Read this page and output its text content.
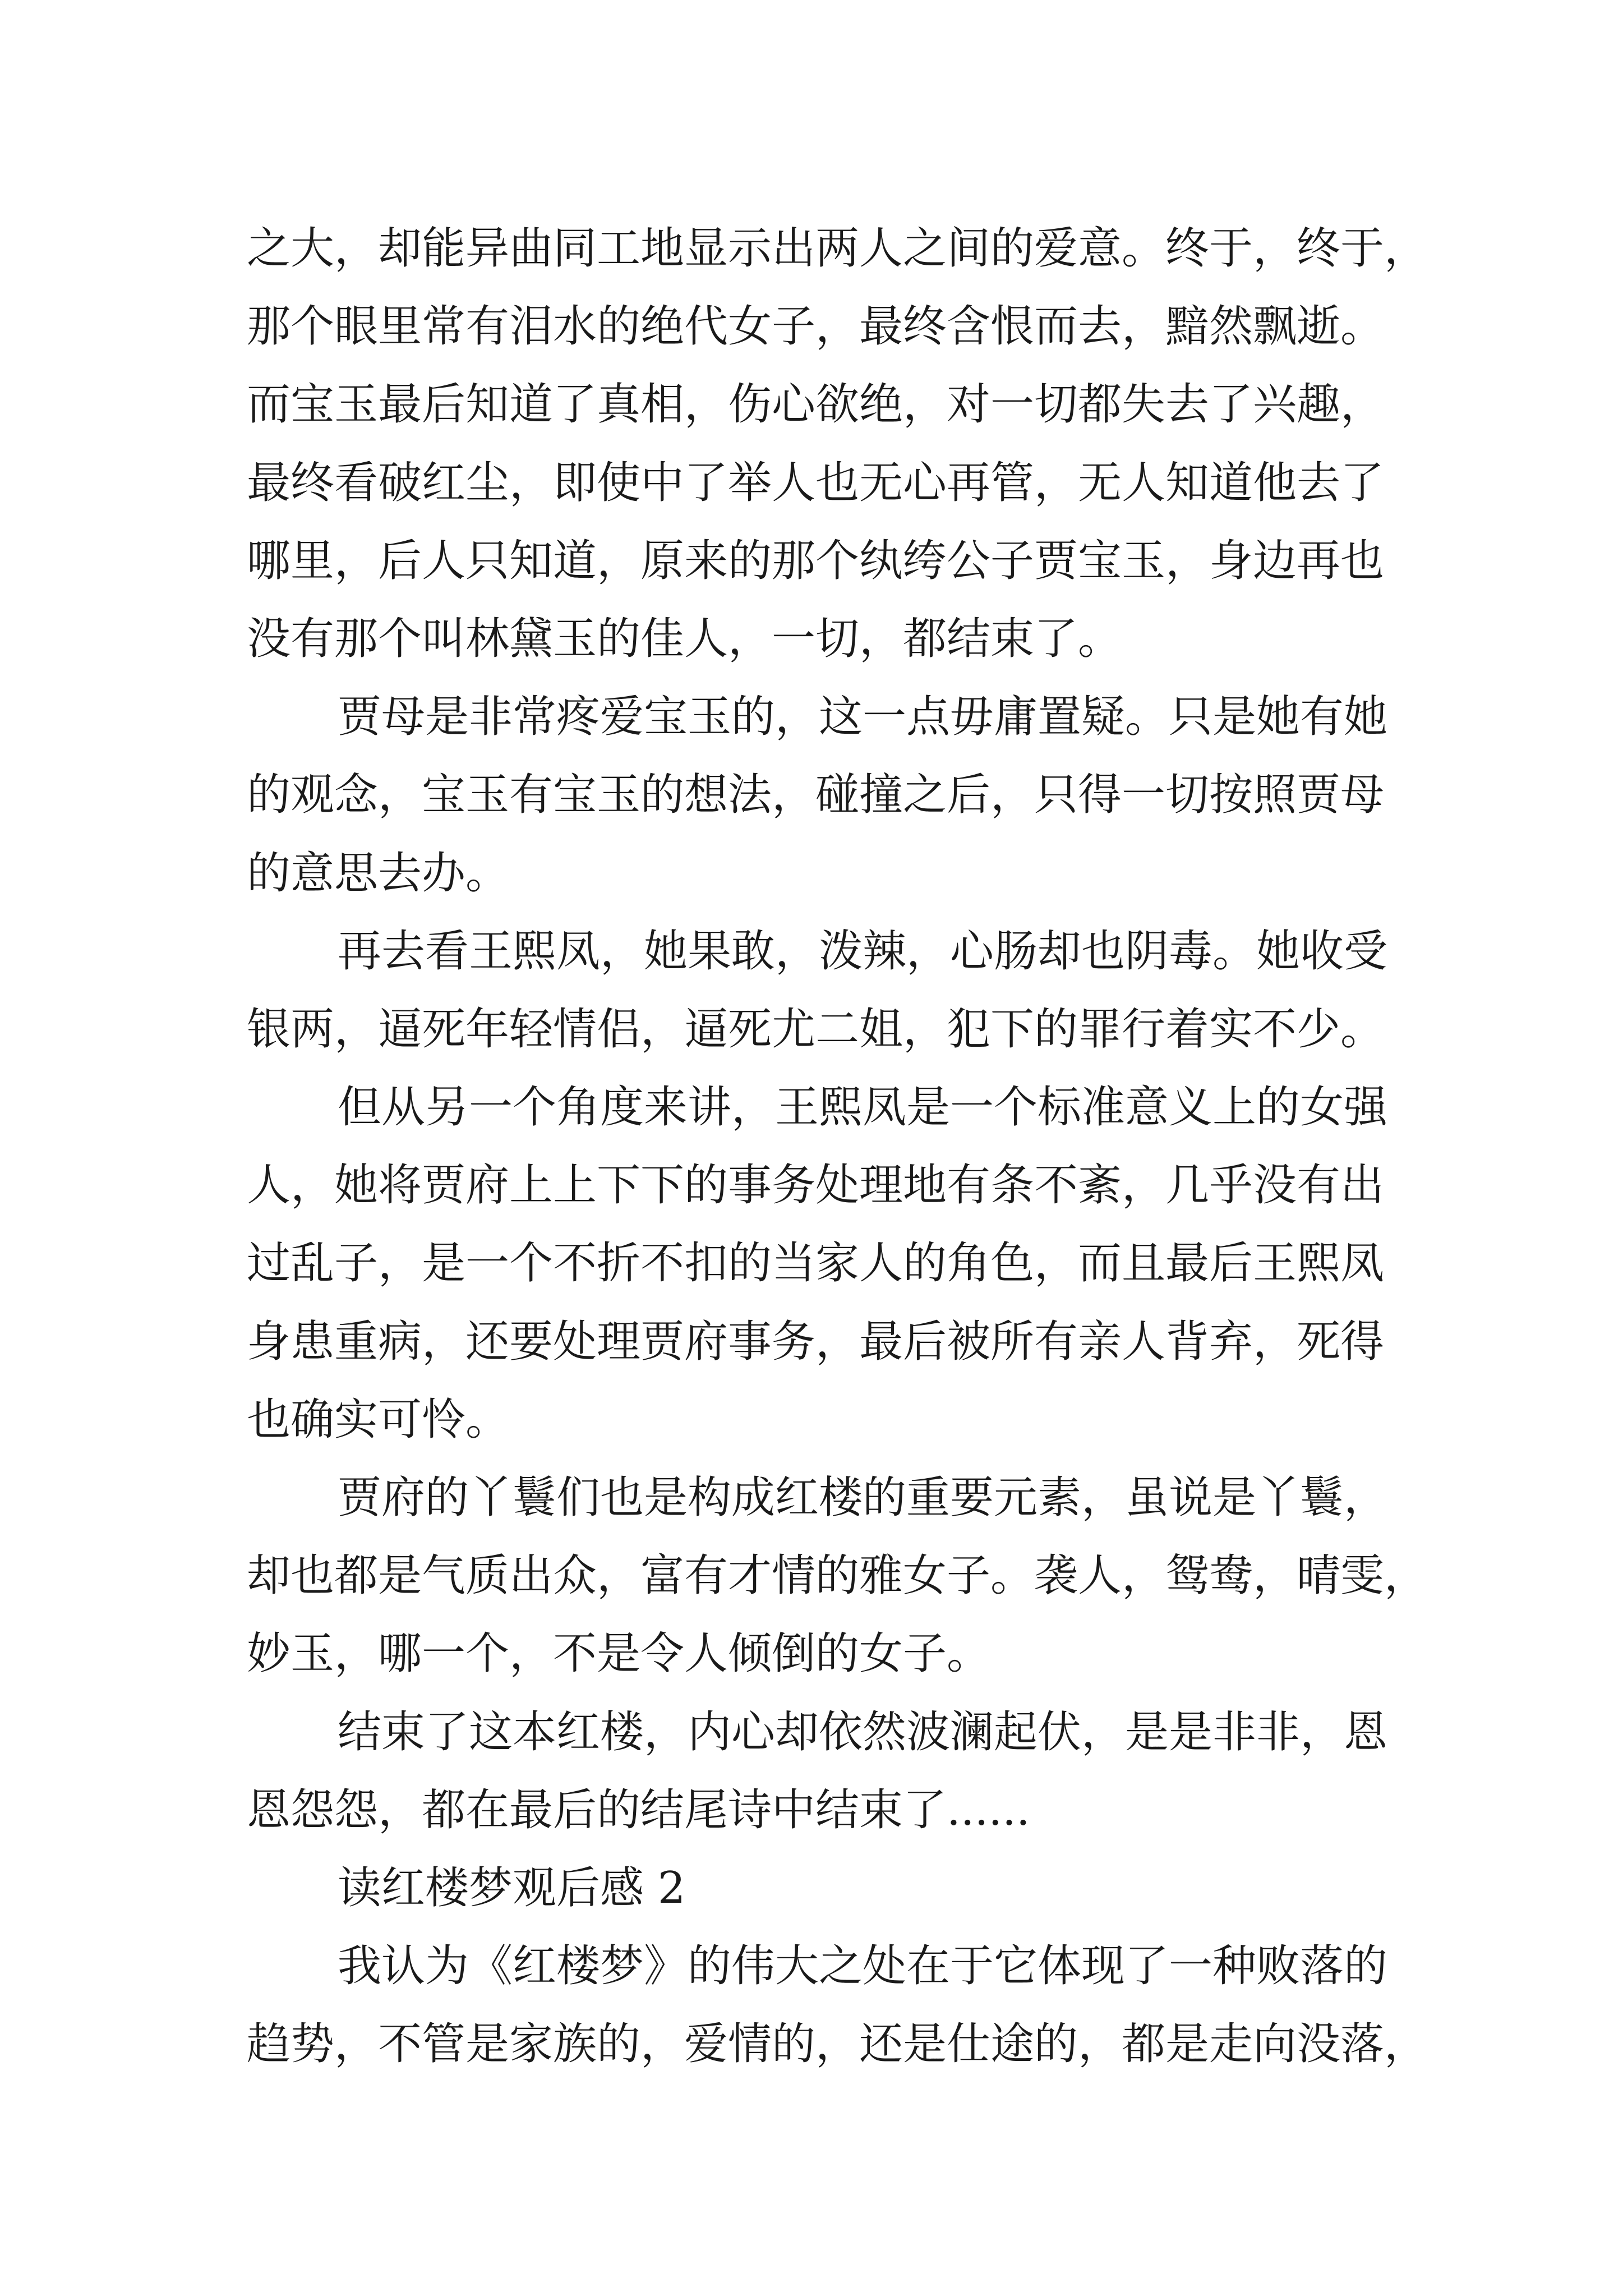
之大，却能异曲同工地显示出两人之间的爱意。终于，终于，
那个眼里常有泪水的绝代女子，最终含恨而去，黯然飘逝。
而宝玉最后知道了真相，伤心欲绝，对一切都失去了兴趣，
最终看破红尘，即使中了举人也无心再管，无人知道他去了
哪里，后人只知道，原来的那个纨绔公子贾宝玉，身边再也
没有那个叫林黛玉的佳人，一切，都结束了。
贾母是非常疼爱宝玉的，这一点毋庸置疑。只是她有她
的观念，宝玉有宝玉的想法，碰撞之后，只得一切按照贾母
的意思去办。
再去看王熙凤，她果敢，泼辣，心肠却也阴毒。她收受
银两，逼死年轻情侣，逼死尤二姐，犯下的罪行着实不少。
但从另一个角度来讲，王熙凤是一个标准意义上的女强
人，她将贾府上上下下的事务处理地有条不紊，几乎没有出
过乱子，是一个不折不扣的当家人的角色，而且最后王熙凤
身患重病，还要处理贾府事务，最后被所有亲人背弃，死得
也确实可怜。
贾府的丫鬟们也是构成红楼的重要元素，虽说是丫鬟，
却也都是气质出众，富有才情的雅女子。袭人，鸳鸯，晴雯，
妙玉，哪一个，不是令人倾倒的女子。
结束了这本红楼，内心却依然波澜起伏，是是非非，恩
恩怨怨，都在最后的结尾诗中结束了......
读红楼梦观后感 2
我认为《红楼梦》的伟大之处在于它体现了一种败落的
趋势，不管是家族的，爱情的，还是仕途的，都是走向没落，
